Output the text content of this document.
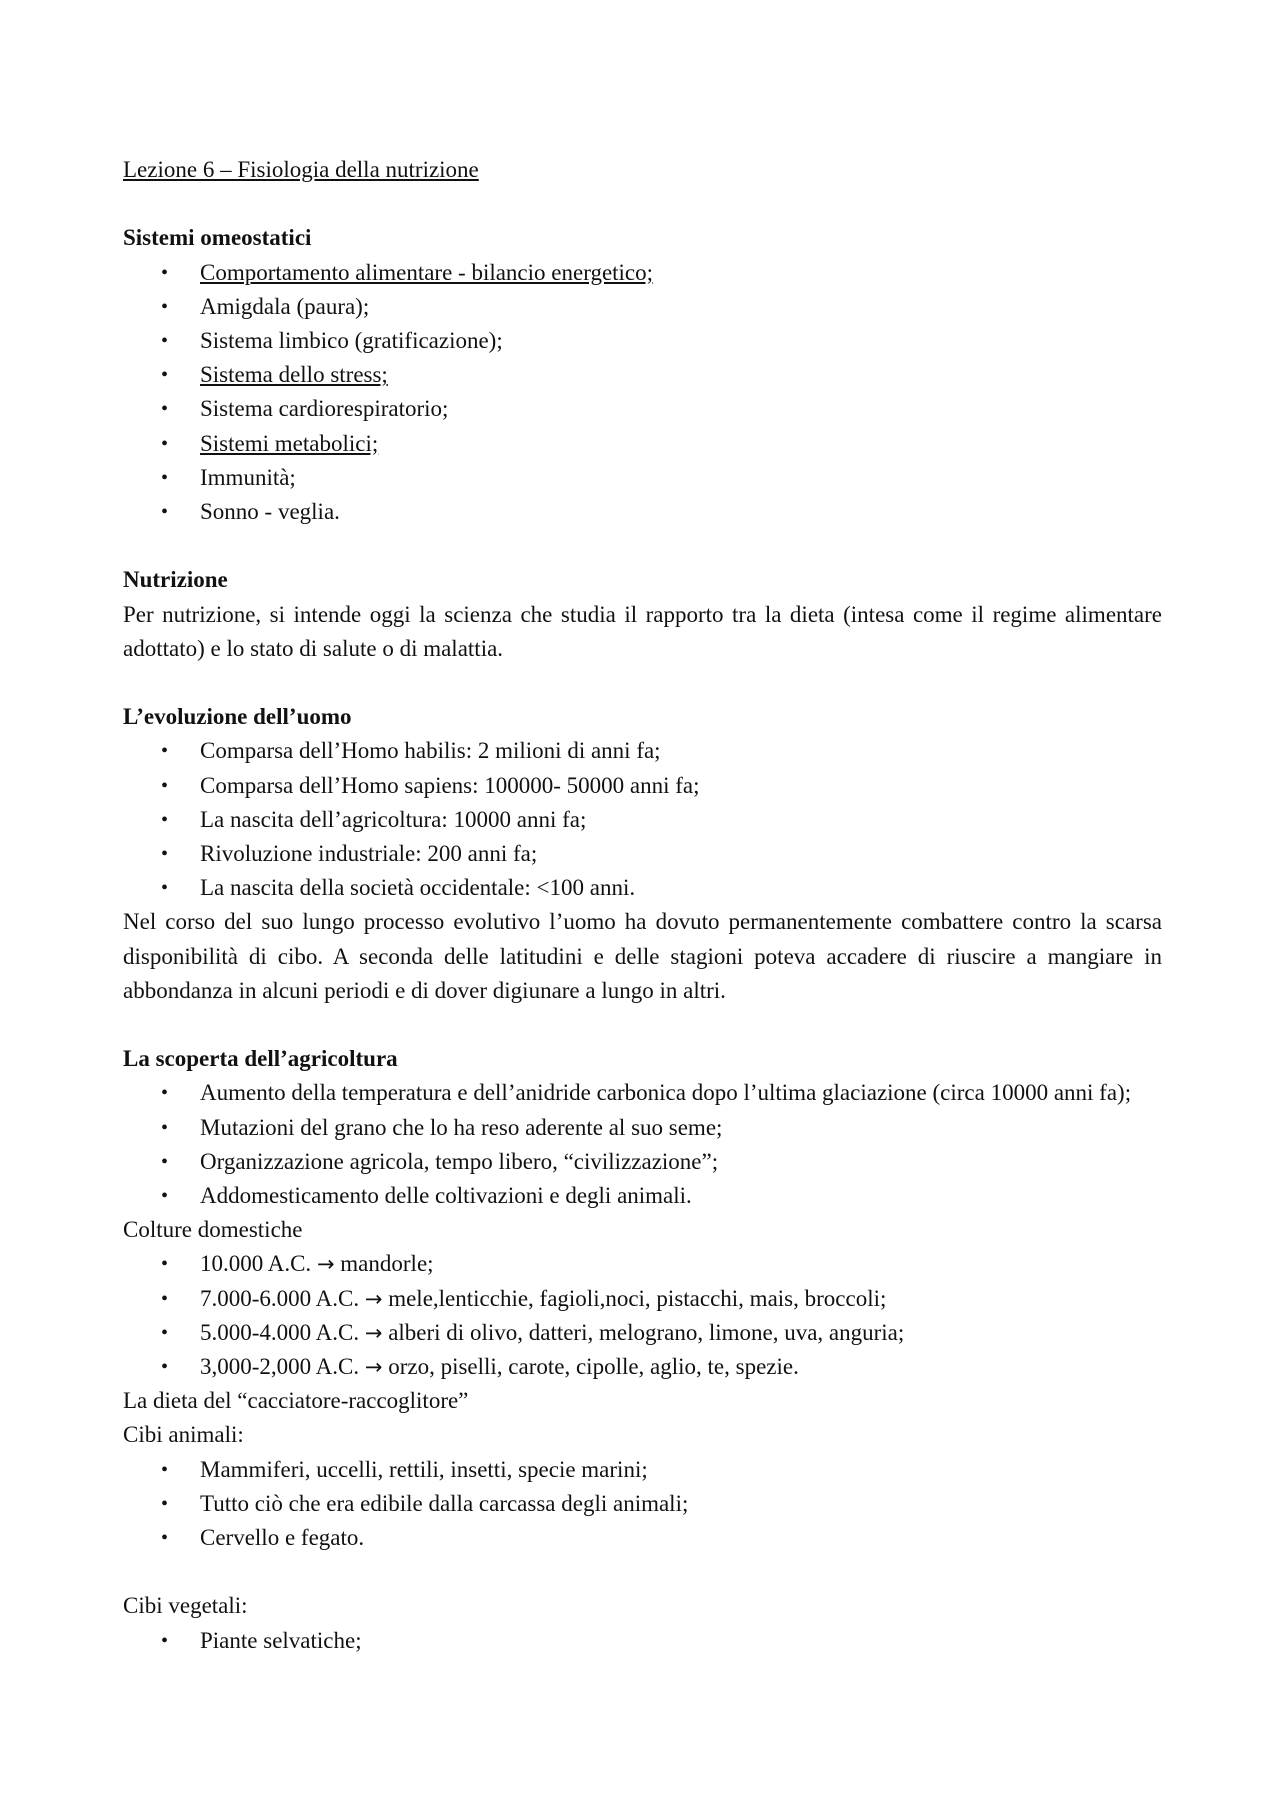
Lezione 6 – Fisiologia della nutrizione

Sistemi omeostatici

• Comportamento alimentare - bilancio energetico;
• Amigdala (paura);
• Sistema limbico (gratificazione);
• Sistema dello stress;
• Sistema cardiorespiratorio;
• Sistemi metabolici;
• Immunità;
• Sonno - veglia.

Nutrizione

Per nutrizione, si intende oggi la scienza che studia il rapporto tra la dieta (intesa come il regime alimentare adottato) e lo stato di salute o di malattia.

L’evoluzione dell’uomo

• Comparsa dell’Homo habilis: 2 milioni di anni fa;
• Comparsa dell’Homo sapiens: 100000- 50000 anni fa;
• La nascita dell’agricoltura: 10000 anni fa;
• Rivoluzione industriale: 200 anni fa;
• La nascita della società occidentale: <100 anni.

Nel corso del suo lungo processo evolutivo l’uomo ha dovuto permanentemente combattere contro la scarsa disponibilità di cibo. A seconda delle latitudini e delle stagioni poteva accadere di riuscire a mangiare in abbondanza in alcuni periodi e di dover digiunare a lungo in altri.

La scoperta dell’agricoltura

• Aumento della temperatura e dell’anidride carbonica dopo l’ultima glaciazione (circa 10000 anni fa);
• Mutazioni del grano che lo ha reso aderente al suo seme;
• Organizzazione agricola, tempo libero, “civilizzazione”;
• Addomesticamento delle coltivazioni e degli animali.

Colture domestiche

• 10.000 A.C. → mandorle;
• 7.000-6.000 A.C. → mele,lenticchie, fagioli,noci, pistacchi, mais, broccoli;
• 5.000-4.000 A.C. → alberi di olivo, datteri, melograno, limone, uva, anguria;
• 3,000-2,000 A.C. → orzo, piselli, carote, cipolle, aglio, te, spezie.

La dieta del “cacciatore-raccoglitore”

Cibi animali:

• Mammiferi, uccelli, rettili, insetti, specie marini;
• Tutto ciò che era edibile dalla carcassa degli animali;
• Cervello e fegato.

Cibi vegetali:

• Piante selvatiche;
